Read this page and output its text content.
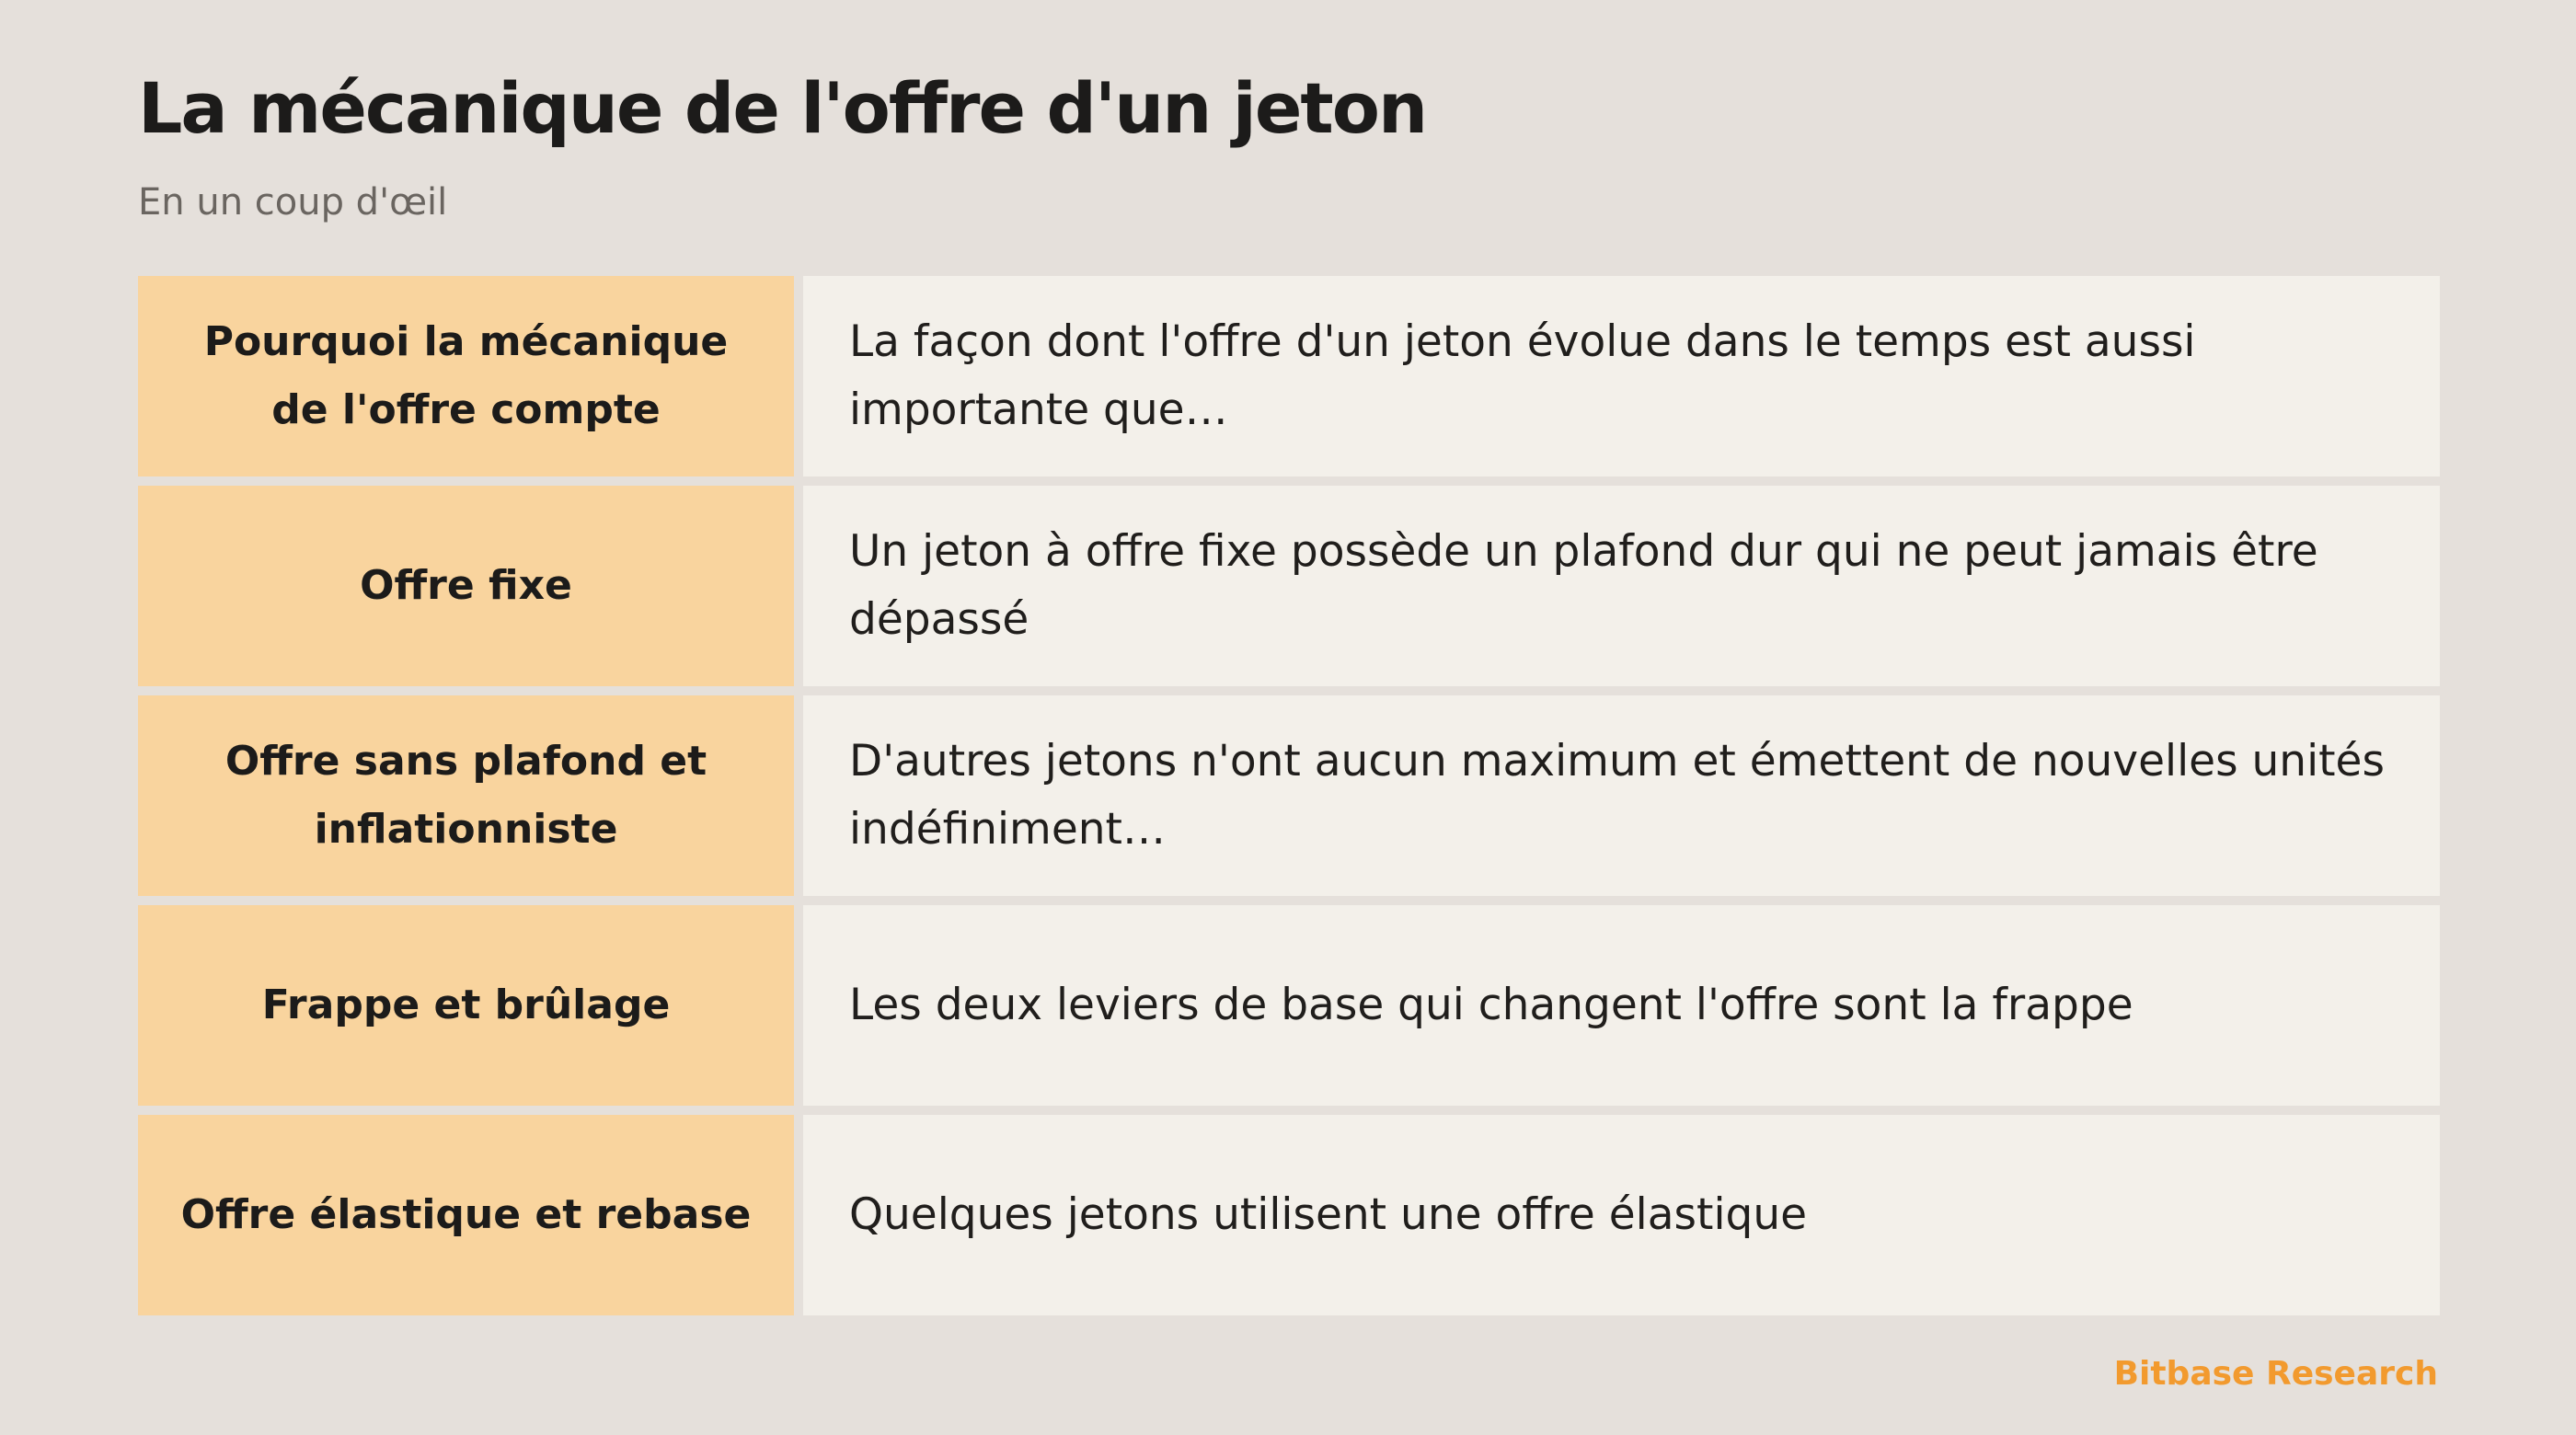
La mécanique de l'offre d'un jeton
En un coup d'œil
Pourquoi la mécanique de l'offre compte
La façon dont l'offre d'un jeton évolue dans le temps est aussi importante que…
Offre fixe
Un jeton à offre fixe possède un plafond dur qui ne peut jamais être dépassé
Offre sans plafond et inflationniste
D'autres jetons n'ont aucun maximum et émettent de nouvelles unités indéfiniment…
Frappe et brûlage	Les deux leviers de base qui changent l'offre sont la frappe
Offre élastique et rebase	Quelques jetons utilisent une offre élastique
Bitbase Research
